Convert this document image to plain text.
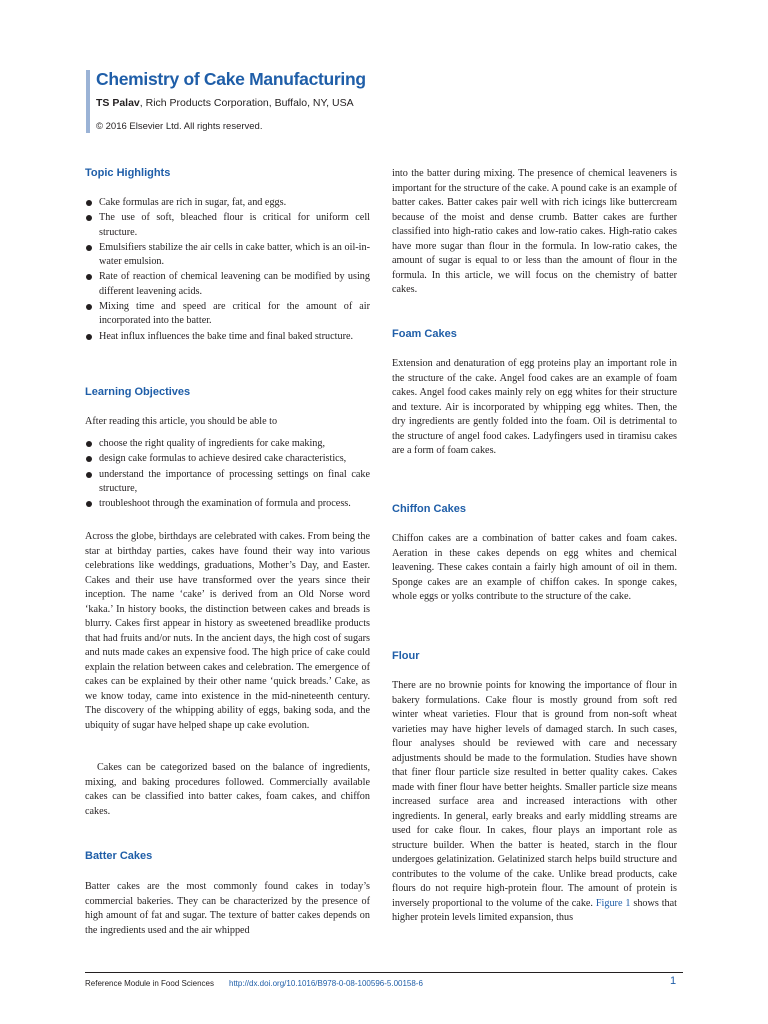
Chemistry of Cake Manufacturing
TS Palav, Rich Products Corporation, Buffalo, NY, USA
© 2016 Elsevier Ltd. All rights reserved.
Topic Highlights
Cake formulas are rich in sugar, fat, and eggs.
The use of soft, bleached flour is critical for uniform cell structure.
Emulsifiers stabilize the air cells in cake batter, which is an oil-in-water emulsion.
Rate of reaction of chemical leavening can be modified by using different leavening acids.
Mixing time and speed are critical for the amount of air incorporated into the batter.
Heat influx influences the bake time and final baked structure.
Learning Objectives

After reading this article, you should be able to

choose the right quality of ingredients for cake making,
design cake formulas to achieve desired cake characteristics,
understand the importance of processing settings on final cake structure,
troubleshoot through the examination of formula and process.

Across the globe, birthdays are celebrated with cakes. From being the star at birthday parties, cakes have found their way into various celebrations like weddings, graduations, Mother’s Day, and Easter. Cakes and their use have transformed over the years since their inception. The name ‘cake’ is derived from an Old Norse word ‘kaka.’ In history books, the distinction between cakes and breads is blurry. Cakes first appear in history as sweetened breadlike products that had fruits and/or nuts. In the ancient days, the high cost of sugars and nuts made cakes an expensive food. The high price of cake could explain the relation between cakes and celebration. The emergence of cakes can be explained by their other name ‘quick breads.’ Cake, as we know today, came into existence in the mid-nineteenth century. The discovery of the whipping ability of eggs, baking soda, and the ubiquity of sugar have helped shape up cake evolution.

Cakes can be categorized based on the balance of ingredients, mixing, and baking procedures followed. Commercially available cakes can be classified into batter cakes, foam cakes, and chiffon cakes.

Batter Cakes

Batter cakes are the most commonly found cakes in today’s commercial bakeries. They can be characterized by the presence of high amount of fat and sugar. The texture of batter cakes depends on the ingredients used and the air whipped

into the batter during mixing. The presence of chemical leaveners is important for the structure of the cake. A pound cake is an example of batter cakes. Batter cakes pair well with rich icings like buttercream because of the moist and dense crumb. Batter cakes are further classified into high-ratio cakes and low-ratio cakes. High-ratio cakes have more sugar than flour in the formula. In low-ratio cakes, the amount of sugar is equal to or less than the amount of flour in the formula. In this article, we will focus on the chemistry of batter cakes.

Foam Cakes

Extension and denaturation of egg proteins play an important role in the structure of the cake. Angel food cakes are an example of foam cakes. Angel food cakes mainly rely on egg whites for their structure and texture. Air is incorporated by whipping egg whites. Then, the dry ingredients are gently folded into the foam. Oil is detrimental to the structure of angel food cakes. Ladyfingers used in tiramisu cakes are a form of foam cakes.

Chiffon Cakes

Chiffon cakes are a combination of batter cakes and foam cakes. Aeration in these cakes depends on egg whites and chemical leavening. These cakes contain a fairly high amount of oil in them. Sponge cakes are an example of chiffon cakes. In sponge cakes, whole eggs or yolks contribute to the structure of the cake.

Flour

There are no brownie points for knowing the importance of flour in bakery formulations. Cake flour is mostly ground from soft red winter wheat varieties. Flour that is ground from non-soft wheat varieties may have higher levels of damaged starch. In such cases, flour analyses should be reviewed with care and necessary adjustments should be made to the formulation. Studies have shown that finer flour particle size resulted in better quality cakes. Cakes made with finer flour have better heights. Smaller particle size means increased surface area and increased interactions with other ingredients. In general, early breaks and early middling streams are used for cake flour. In cakes, flour plays an important role as structure builder. When the batter is heated, starch in the flour undergoes gelatinization. Gelatinized starch helps build structure and contributes to the volume of the cake. Unlike bread products, cake flours do not require high-protein flour. The amount of protein is inversely proportional to the volume of the cake. Figure 1 shows that higher protein levels limited expansion, thus

Reference Module in Food Sciences http://dx.doi.org/10.1016/B978-0-08-100596-5.00158-6	1
